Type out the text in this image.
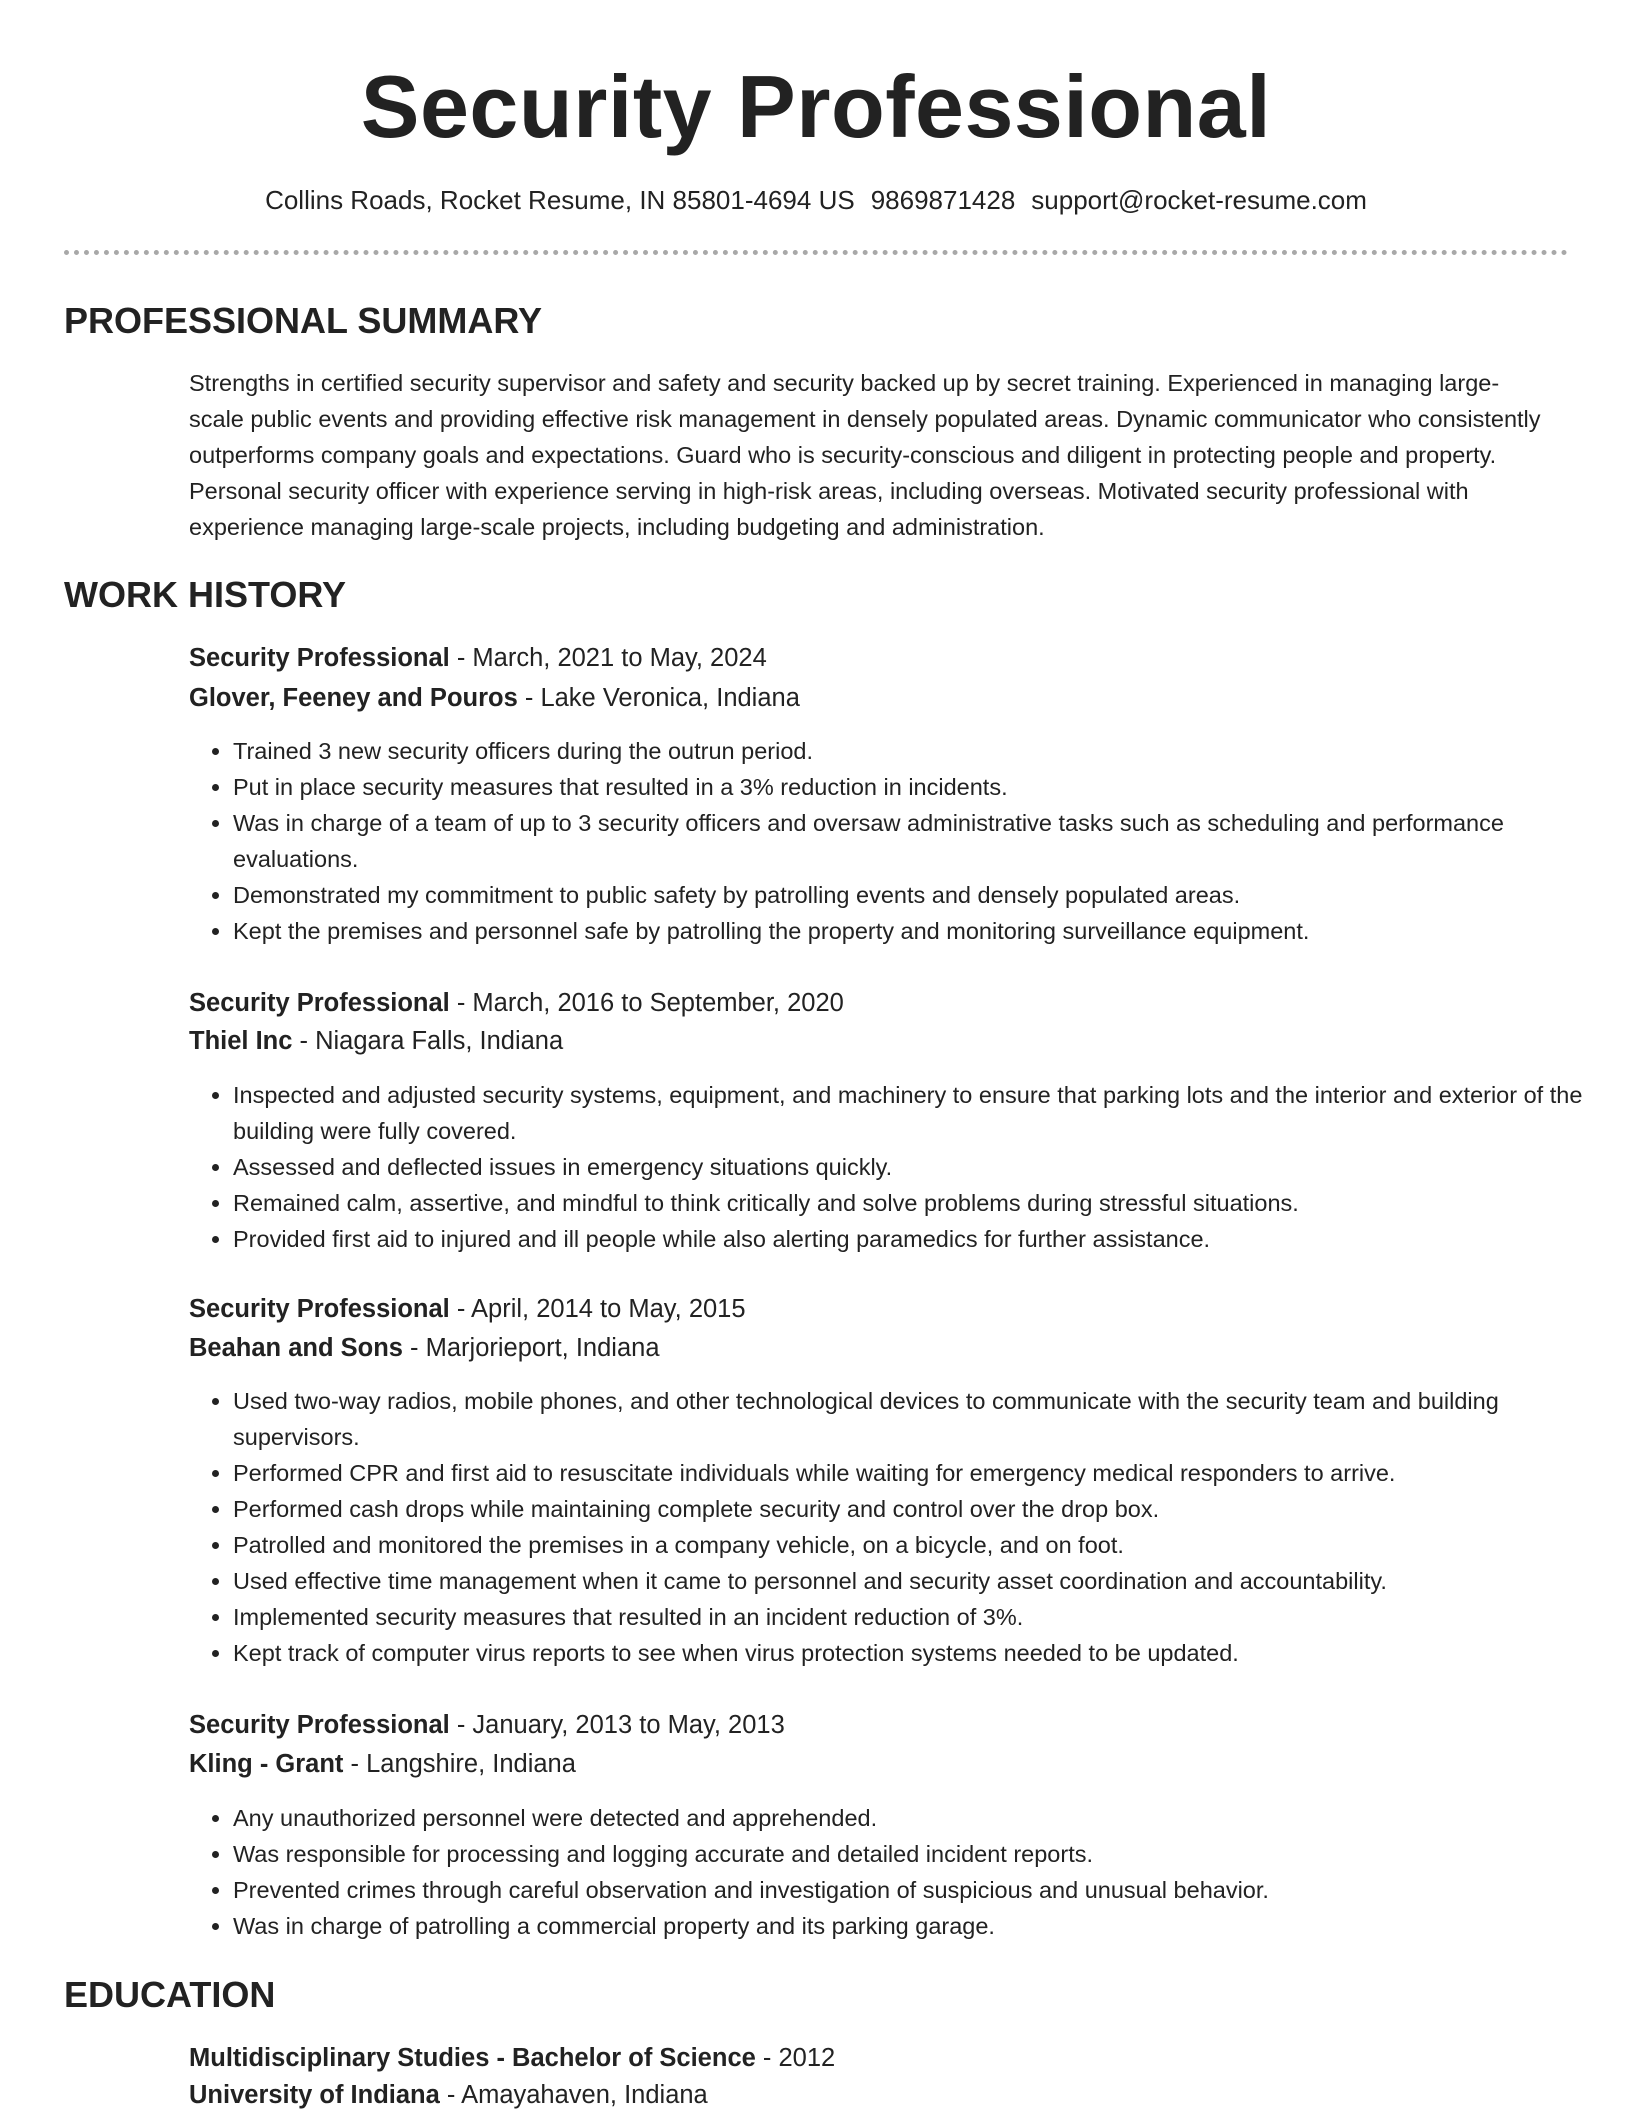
Security Professional
Collins Roads, Rocket Resume, IN 85801-4694 US 9869871428 support@rocket-resume.com
PROFESSIONAL SUMMARY

Strengths in certified security supervisor and safety and security backed up by secret training. Experienced in managing large-scale public events and providing effective risk management in densely populated areas. Dynamic communicator who consistently outperforms company goals and expectations. Guard who is security-conscious and diligent in protecting people and property. Personal security officer with experience serving in high-risk areas, including overseas. Motivated security professional with experience managing large-scale projects, including budgeting and administration.

WORK HISTORY

Security Professional - March, 2021 to May, 2024

Glover, Feeney and Pouros - Lake Veronica, Indiana

• Trained 3 new security officers during the outrun period.
• Put in place security measures that resulted in a 3% reduction in incidents.
• Was in charge of a team of up to 3 security officers and oversaw administrative tasks such as scheduling and performance evaluations.
• Demonstrated my commitment to public safety by patrolling events and densely populated areas.
• Kept the premises and personnel safe by patrolling the property and monitoring surveillance equipment.

Security Professional - March, 2016 to September, 2020

Thiel Inc - Niagara Falls, Indiana

• Inspected and adjusted security systems, equipment, and machinery to ensure that parking lots and the interior and exterior of the building were fully covered.
• Assessed and deflected issues in emergency situations quickly.
• Remained calm, assertive, and mindful to think critically and solve problems during stressful situations.
• Provided first aid to injured and ill people while also alerting paramedics for further assistance.

Security Professional - April, 2014 to May, 2015

Beahan and Sons - Marjorieport, Indiana

• Used two-way radios, mobile phones, and other technological devices to communicate with the security team and building supervisors.
• Performed CPR and first aid to resuscitate individuals while waiting for emergency medical responders to arrive.
• Performed cash drops while maintaining complete security and control over the drop box.
• Patrolled and monitored the premises in a company vehicle, on a bicycle, and on foot.
• Used effective time management when it came to personnel and security asset coordination and accountability.
• Implemented security measures that resulted in an incident reduction of 3%.
• Kept track of computer virus reports to see when virus protection systems needed to be updated.

Security Professional - January, 2013 to May, 2013

Kling - Grant - Langshire, Indiana

• Any unauthorized personnel were detected and apprehended.
• Was responsible for processing and logging accurate and detailed incident reports.
• Prevented crimes through careful observation and investigation of suspicious and unusual behavior.
• Was in charge of patrolling a commercial property and its parking garage.
EDUCATION

Multidisciplinary Studies - Bachelor of Science - 2012

University of Indiana - Amayahaven, Indiana
